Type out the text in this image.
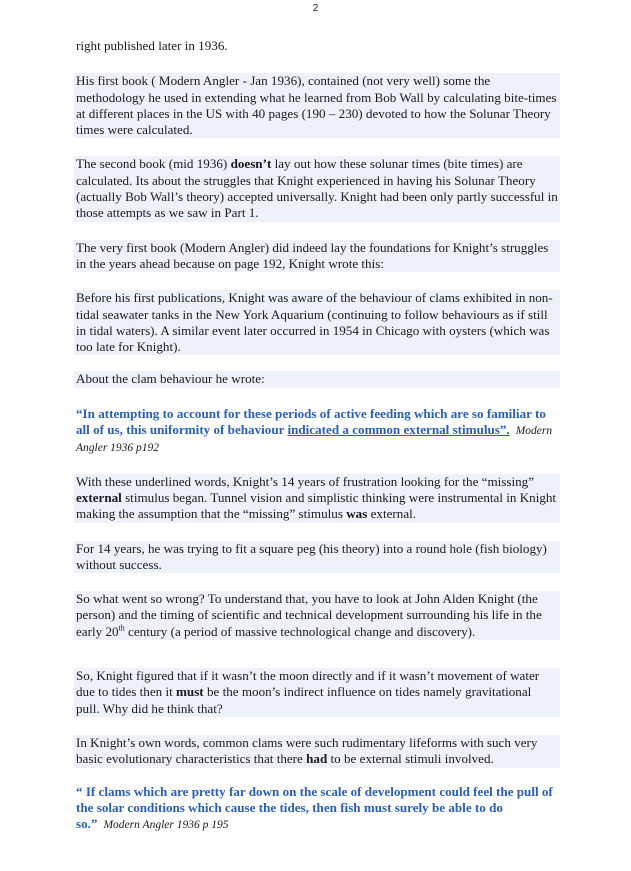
2

right published later in 1936.

His first book ( Modern Angler - Jan 1936), contained (not very well) some the methodology he used in extending what he learned from Bob Wall by calculating bite-times at different places in the US with 40 pages (190 – 230) devoted to how the Solunar Theory times were calculated.

The second book (mid 1936) doesn’t lay out how these solunar times (bite times) are calculated. Its about the struggles that Knight experienced in having his Solunar Theory (actually Bob Wall’s theory) accepted universally. Knight had been only partly successful in those attempts as we saw in Part 1.

The very first book (Modern Angler) did indeed lay the foundations for Knight’s struggles in the years ahead because on page 192, Knight wrote this:

Before his first publications, Knight was aware of the behaviour of clams exhibited in non-tidal seawater tanks in the New York Aquarium (continuing to follow behaviours as if still in tidal waters). A similar event later occurred in 1954 in Chicago with oysters (which was too late for Knight).

About the clam behaviour he wrote:

“In attempting to account for these periods of active feeding which are so familiar to all of us, this uniformity of behaviour indicated a common external stimulus”. Modern Angler 1936 p192

With these underlined words, Knight’s 14 years of frustration looking for the “missing” external stimulus began. Tunnel vision and simplistic thinking were instrumental in Knight making the assumption that the “missing” stimulus was external.

For 14 years, he was trying to fit a square peg (his theory) into a round hole (fish biology) without success.

So what went so wrong? To understand that, you have to look at John Alden Knight (the person) and the timing of scientific and technical development surrounding his life in the early 20th century (a period of massive technological change and discovery).

So, Knight figured that if it wasn’t the moon directly and if it wasn’t movement of water due to tides then it must be the moon’s indirect influence on tides namely gravitational pull. Why did he think that?

In Knight’s own words, common clams were such rudimentary lifeforms with such very basic evolutionary characteristics that there had to be external stimuli involved.

“ If clams which are pretty far down on the scale of development could feel the pull of the solar conditions which cause the tides, then fish must surely be able to do so.” Modern Angler 1936 p 195
